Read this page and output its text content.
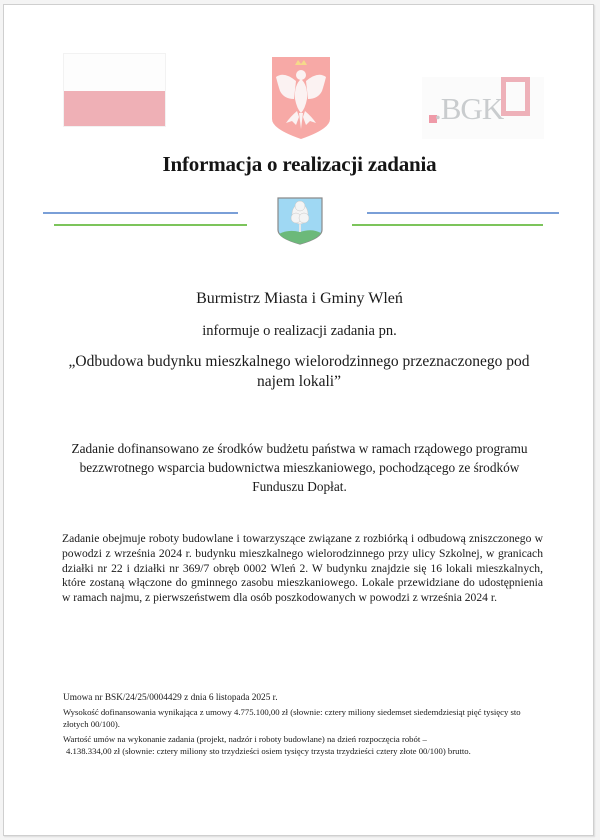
.BGK
Informacja o realizacji zadania
Burmistrz Miasta i Gminy Wleń
informuje o realizacji zadania pn.
„Odbudowa budynku mieszkalnego wielorodzinnego przeznaczonego pod najem lokali”
Zadanie dofinansowano ze środków budżetu państwa w ramach rządowego programu bezzwrotnego wsparcia budownictwa mieszkaniowego, pochodzącego ze środków Funduszu Dopłat.
Zadanie obejmuje roboty budowlane i towarzyszące związane z rozbiórką i odbudową zniszczonego w powodzi z września 2024 r. budynku mieszkalnego wielorodzinnego przy ulicy Szkolnej, w granicach działki nr 22 i działki nr 369/7 obręb 0002 Wleń 2. W budynku znajdzie się 16 lokali mieszkalnych, które zostaną włączone do gminnego zasobu mieszkaniowego. Lokale przewidziane do udostępnienia w ramach najmu, z pierwszeństwem dla osób poszkodowanych w powodzi z września 2024 r.
Umowa nr BSK/24/25/0004429 z dnia 6 listopada 2025 r.
Wysokość dofinansowania wynikająca z umowy 4.775.100,00 zł (słownie: cztery miliony siedemset siedemdziesiąt pięć tysięcy sto złotych 00/100).
Wartość umów na wykonanie zadania (projekt, nadzór i roboty budowlane) na dzień rozpoczęcia robót –
4.138.334,00 zł (słownie: cztery miliony sto trzydzieści osiem tysięcy trzysta trzydzieści cztery złote 00/100) brutto.
